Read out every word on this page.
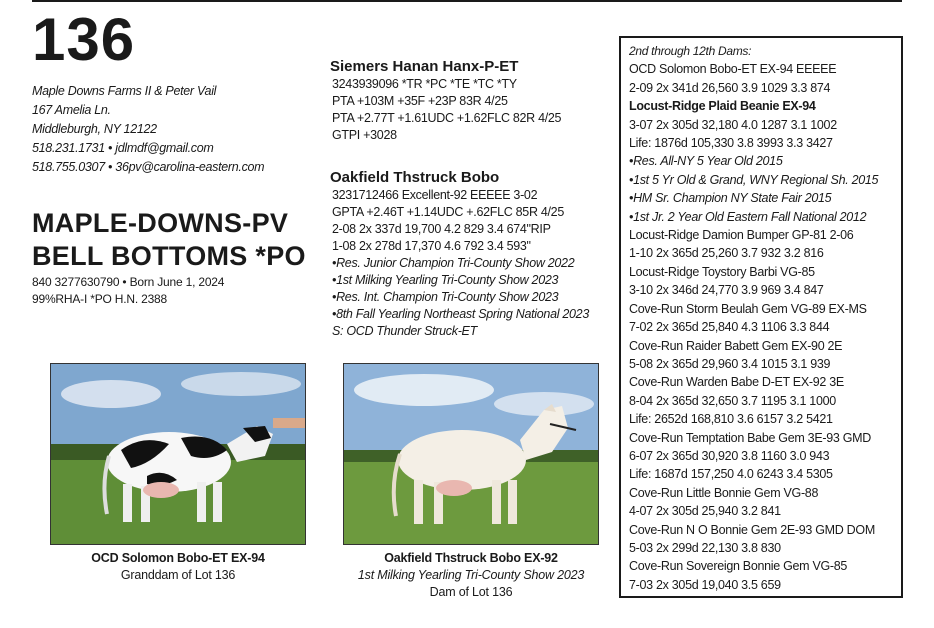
136
Maple Downs Farms II & Peter Vail
167 Amelia Ln.
Middleburgh, NY 12122
518.231.1731 • jdlmdf@gmail.com
518.755.0307 • 36pv@carolina-eastern.com
MAPLE-DOWNS-PV
BELL BOTTOMS *PO
840 3277630790 • Born June 1, 2024
99%RHA-I *PO H.N. 2388
Siemers Hanan Hanx-P-ET
3243939096 *TR *PC *TE *TC *TY
PTA +103M +35F +23P 83R 4/25
PTA +2.77T +1.61UDC +1.62FLC 82R 4/25
GTPI +3028
Oakfield Thstruck Bobo
3231712466 Excellent-92 EEEEE 3-02
GPTA +2.46T +1.14UDC +.62FLC 85R 4/25
2-08 2x 337d 19,700 4.2 829 3.4 674"RIP
1-08 2x 278d 17,370 4.6 792 3.4 593"
•Res. Junior Champion Tri-County Show 2022
•1st Milking Yearling Tri-County Show 2023
•Res. Int. Champion Tri-County Show 2023
•8th Fall Yearling Northeast Spring National 2023
S: OCD Thunder Struck-ET
2nd through 12th Dams:
OCD Solomon Bobo-ET EX-94 EEEEE
2-09 2x 341d 26,560 3.9 1029 3.3 874
Locust-Ridge Plaid Beanie EX-94
3-07 2x 305d 32,180 4.0 1287 3.1 1002
Life: 1876d 105,330 3.8 3993 3.3 3427
•Res. All-NY 5 Year Old 2015
•1st 5 Yr Old & Grand, WNY Regional Sh. 2015
•HM Sr. Champion NY State Fair 2015
•1st Jr. 2 Year Old Eastern Fall National 2012
Locust-Ridge Damion Bumper GP-81 2-06
1-10 2x 365d 25,260 3.7 932 3.2 816
Locust-Ridge Toystory Barbi VG-85
3-10 2x 346d 24,770 3.9 969 3.4 847
Cove-Run Storm Beulah Gem VG-89 EX-MS
7-02 2x 365d 25,840 4.3 1106 3.3 844
Cove-Run Raider Babett Gem EX-90 2E
5-08 2x 365d 29,960 3.4 1015 3.1 939
Cove-Run Warden Babe D-ET EX-92 3E
8-04 2x 365d 32,650 3.7 1195 3.1 1000
Life: 2652d 168,810 3.6 6157 3.2 5421
Cove-Run Temptation Babe Gem 3E-93 GMD
6-07 2x 365d 30,920 3.8 1160 3.0 943
Life: 1687d 157,250 4.0 6243 3.4 5305
Cove-Run Little Bonnie Gem VG-88
4-07 2x 305d 25,940 3.2 841
Cove-Run N O Bonnie Gem 2E-93 GMD DOM
5-03 2x 299d 22,130 3.8 830
Cove-Run Sovereign Bonnie Gem VG-85
7-03 2x 305d 19,040 3.5 659
OCD Solomon Bobo-ET EX-94
Granddam of Lot 136
Oakfield Thstruck Bobo EX-92
1st Milking Yearling Tri-County Show 2023
Dam of Lot 136
